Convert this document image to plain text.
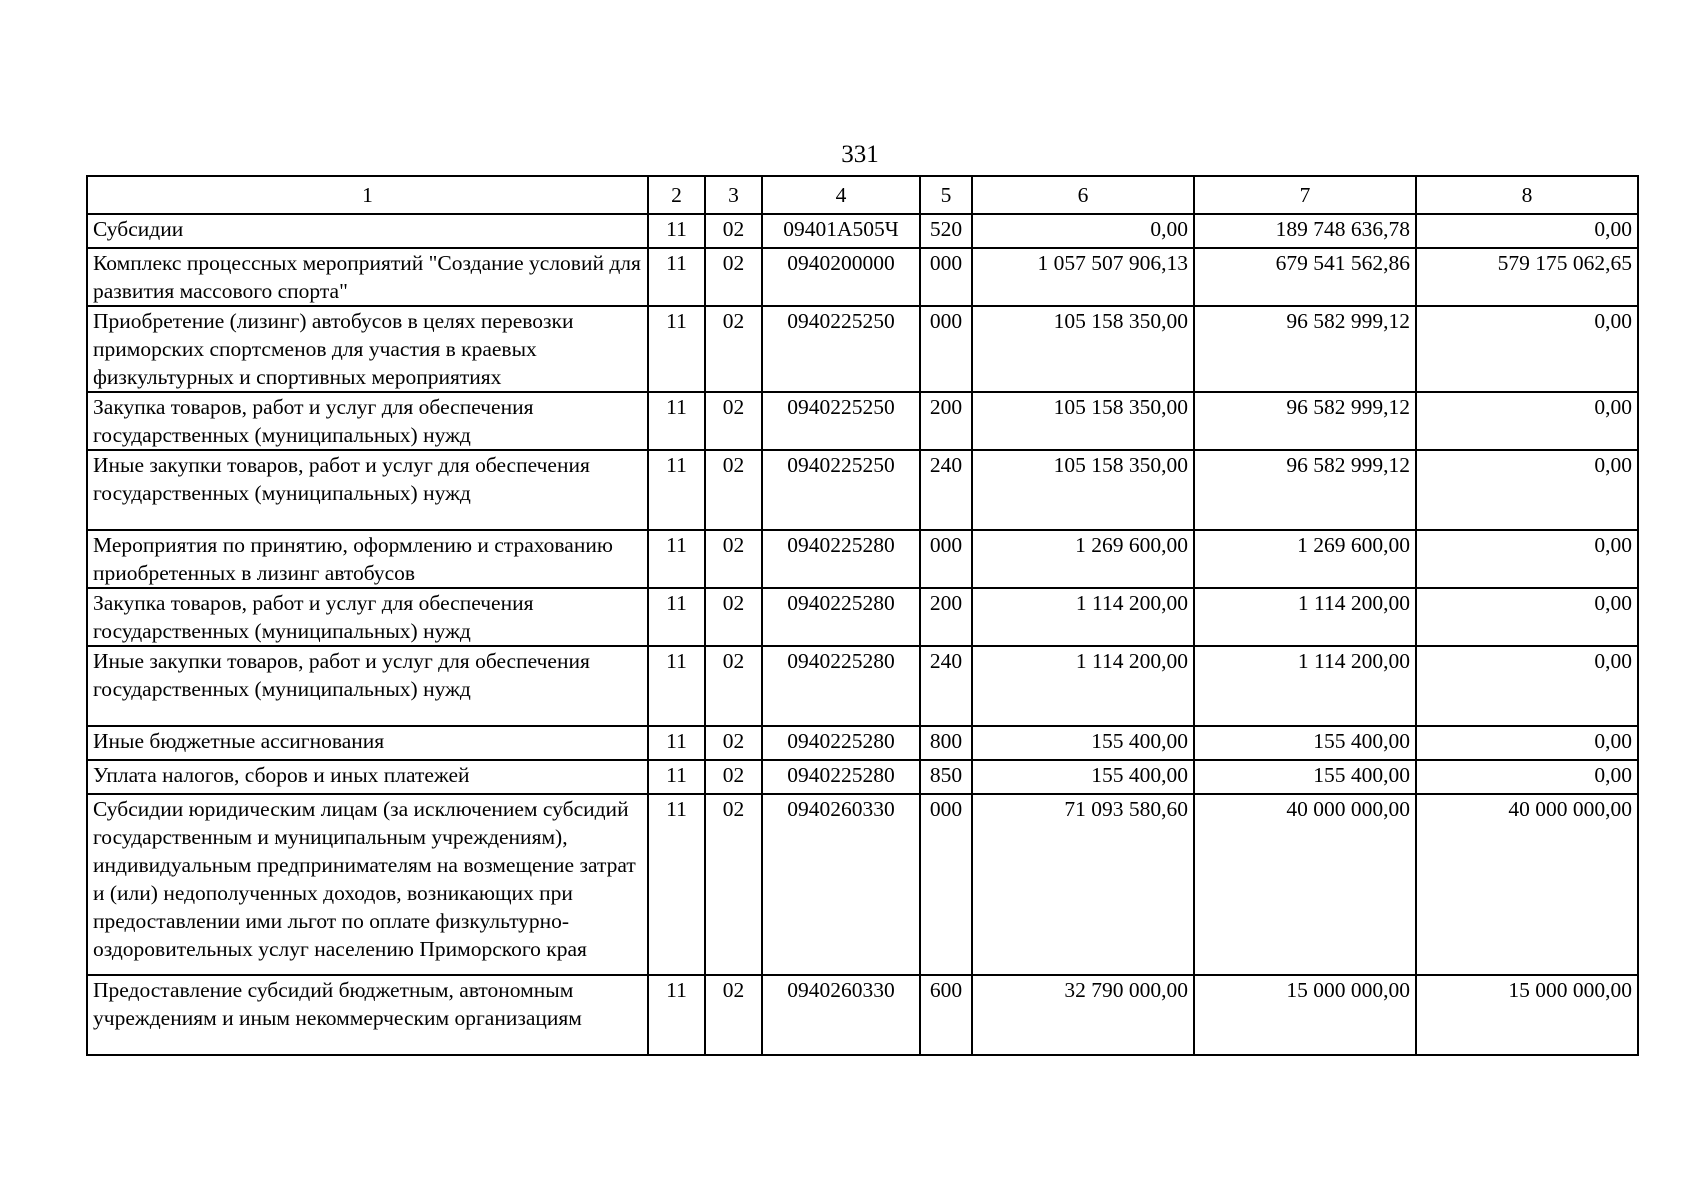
331
1	2	3	4	5	6	7	8
Субсидии	11	02	09401А505Ч	520	0,00	189 748 636,78	0,00
Комплекс процессных мероприятий "Создание условий для развития массового спорта"	11	02	0940200000	000	1 057 507 906,13	679 541 562,86	579 175 062,65
Приобретение (лизинг) автобусов в целях перевозки приморских спортсменов для участия в краевых физкультурных и спортивных мероприятиях	11	02	0940225250	000	105 158 350,00	96 582 999,12	0,00
Закупка товаров, работ и услуг для обеспечения государственных (муниципальных) нужд	11	02	0940225250	200	105 158 350,00	96 582 999,12	0,00
Иные закупки товаров, работ и услуг для обеспечения государственных (муниципальных) нужд	11	02	0940225250	240	105 158 350,00	96 582 999,12	0,00
Мероприятия по принятию, оформлению и страхованию приобретенных в лизинг автобусов	11	02	0940225280	000	1 269 600,00	1 269 600,00	0,00
Закупка товаров, работ и услуг для обеспечения государственных (муниципальных) нужд	11	02	0940225280	200	1 114 200,00	1 114 200,00	0,00
Иные закупки товаров, работ и услуг для обеспечения государственных (муниципальных) нужд	11	02	0940225280	240	1 114 200,00	1 114 200,00	0,00
Иные бюджетные ассигнования	11	02	0940225280	800	155 400,00	155 400,00	0,00
Уплата налогов, сборов и иных платежей	11	02	0940225280	850	155 400,00	155 400,00	0,00
Субсидии юридическим лицам (за исключением субсидий государственным и муниципальным учреждениям), индивидуальным предпринимателям на возмещение затрат и (или) недополученных доходов, возникающих при предоставлении ими льгот по оплате физкультурно-оздоровительных услуг населению Приморского края	11	02	0940260330	000	71 093 580,60	40 000 000,00	40 000 000,00
Предоставление субсидий бюджетным, автономным учреждениям и иным некоммерческим организациям	11	02	0940260330	600	32 790 000,00	15 000 000,00	15 000 000,00
